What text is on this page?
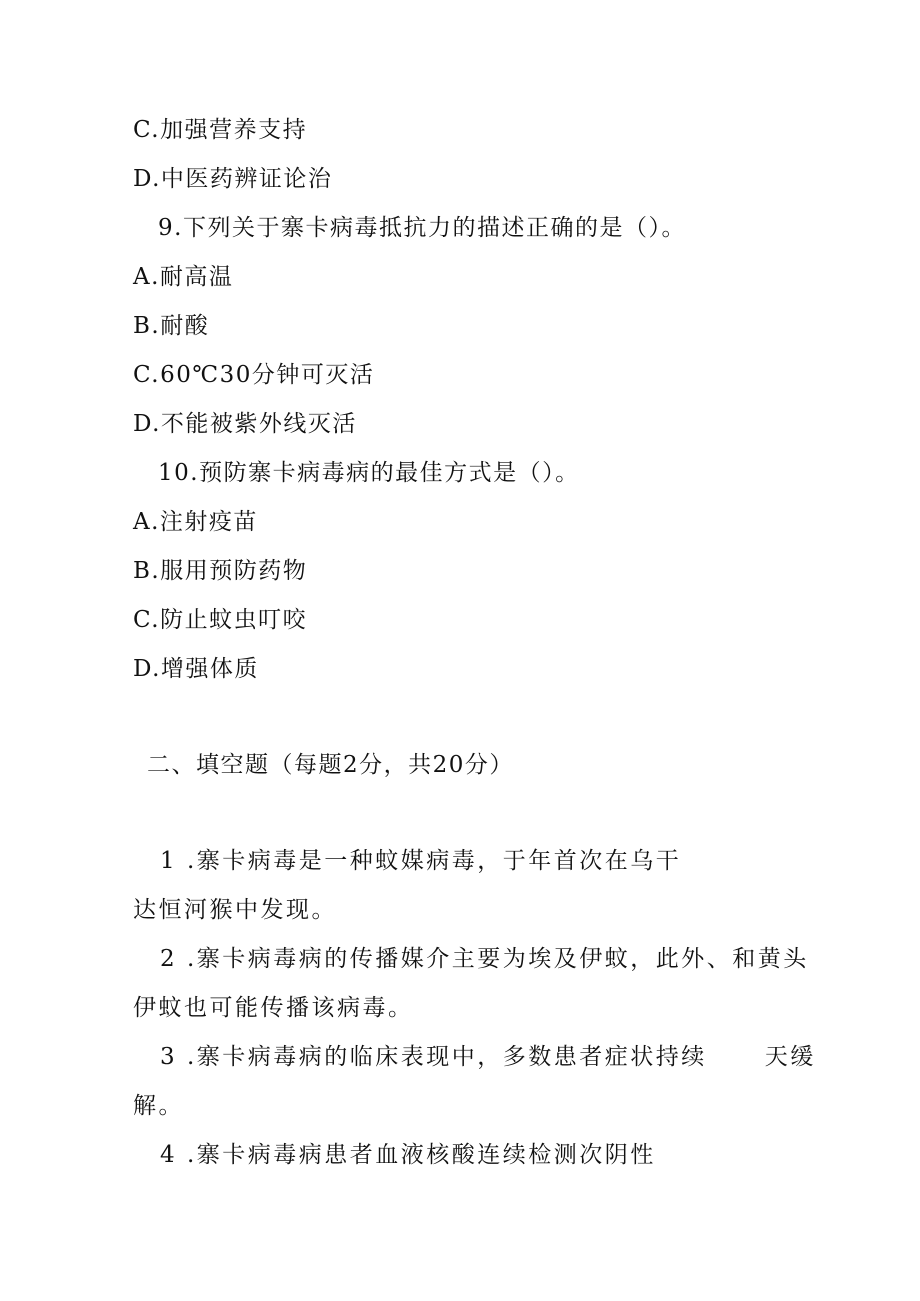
C.加强营养支持
D.中医药辨证论治
9.下列关于寨卡病毒抵抗力的描述正确的是（）。
A.耐高温
B.耐酸
C.60℃30分钟可灭活
D.不能被紫外线灭活
10.预防寨卡病毒病的最佳方式是（）。
A.注射疫苗
B.服用预防药物
C.防止蚊虫叮咬
D.增强体质
二、填空题（每题2分，共20分）
1 .寨卡病毒是一种蚊媒病毒，于年首次在乌干
达恒河猴中发现。
2 .寨卡病毒病的传播媒介主要为埃及伊蚊，此外、和黄头
伊蚊也可能传播该病毒。
3 .寨卡病毒病的临床表现中，多数患者症状持续	天缓
解。
4 .寨卡病毒病患者血液核酸连续检测次阴性
